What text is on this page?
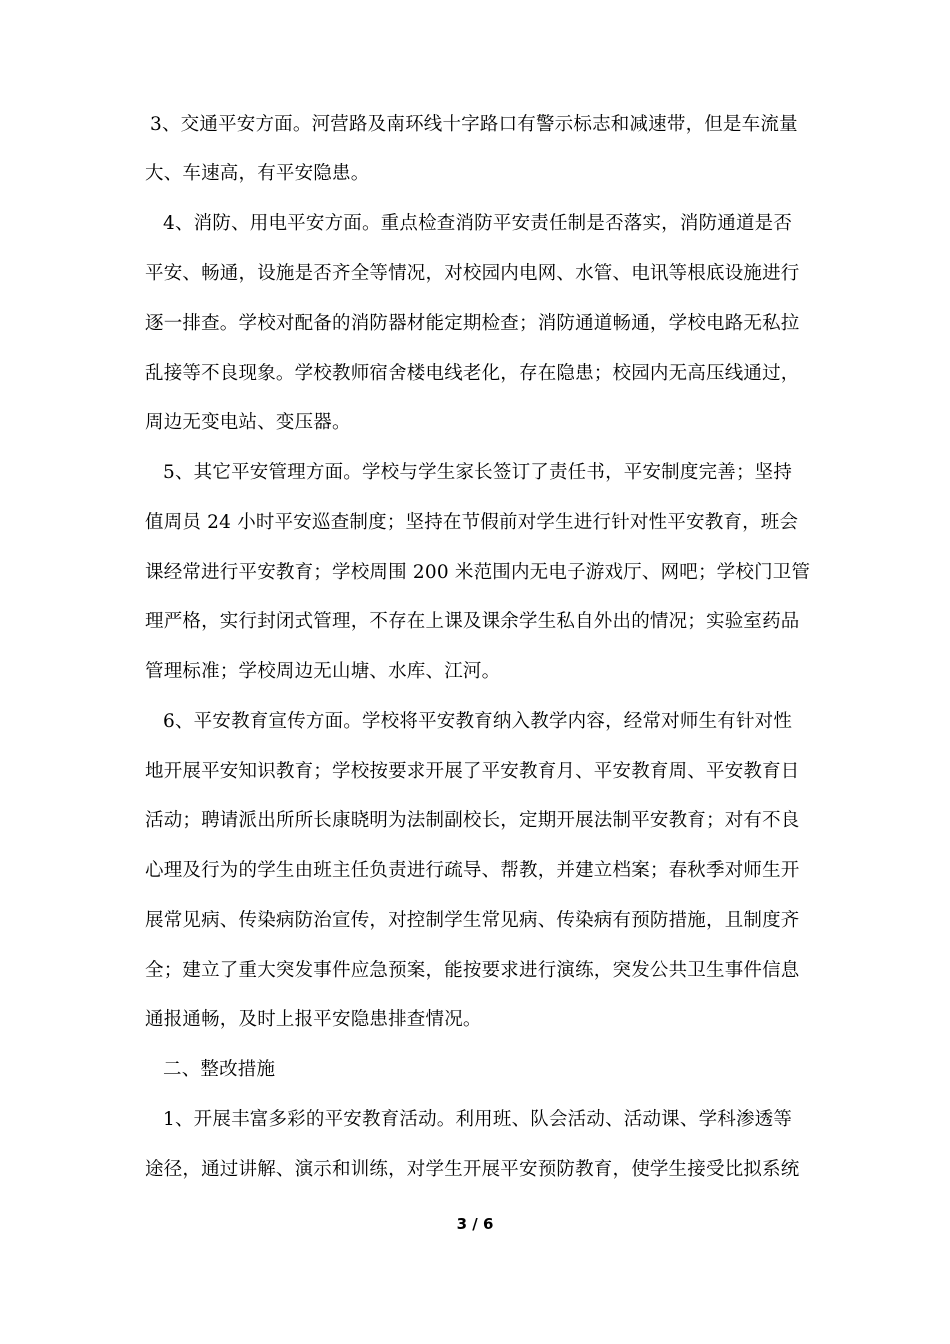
3、交通平安方面。河营路及南环线十字路口有警示标志和减速带，但是车流量
大、车速高，有平安隐患。
4、消防、用电平安方面。重点检查消防平安责任制是否落实，消防通道是否
平安、畅通，设施是否齐全等情况，对校园内电网、水管、电讯等根底设施进行
逐一排查。学校对配备的消防器材能定期检查；消防通道畅通，学校电路无私拉
乱接等不良现象。学校教师宿舍楼电线老化，存在隐患；校园内无高压线通过，
周边无变电站、变压器。
5、其它平安管理方面。学校与学生家长签订了责任书，平安制度完善；坚持
值周员 24 小时平安巡查制度；坚持在节假前对学生进行针对性平安教育，班会
课经常进行平安教育；学校周围 200 米范围内无电子游戏厅、网吧；学校门卫管
理严格，实行封闭式管理，不存在上课及课余学生私自外出的情况；实验室药品
管理标准；学校周边无山塘、水库、江河。
6、平安教育宣传方面。学校将平安教育纳入教学内容，经常对师生有针对性
地开展平安知识教育；学校按要求开展了平安教育月、平安教育周、平安教育日
活动；聘请派出所所长康晓明为法制副校长，定期开展法制平安教育；对有不良
心理及行为的学生由班主任负责进行疏导、帮教，并建立档案；春秋季对师生开
展常见病、传染病防治宣传，对控制学生常见病、传染病有预防措施，且制度齐
全；建立了重大突发事件应急预案，能按要求进行演练，突发公共卫生事件信息
通报通畅，及时上报平安隐患排查情况。
二、整改措施
1、开展丰富多彩的平安教育活动。利用班、队会活动、活动课、学科渗透等
途径，通过讲解、演示和训练，对学生开展平安预防教育，使学生接受比拟系统
3 / 6
